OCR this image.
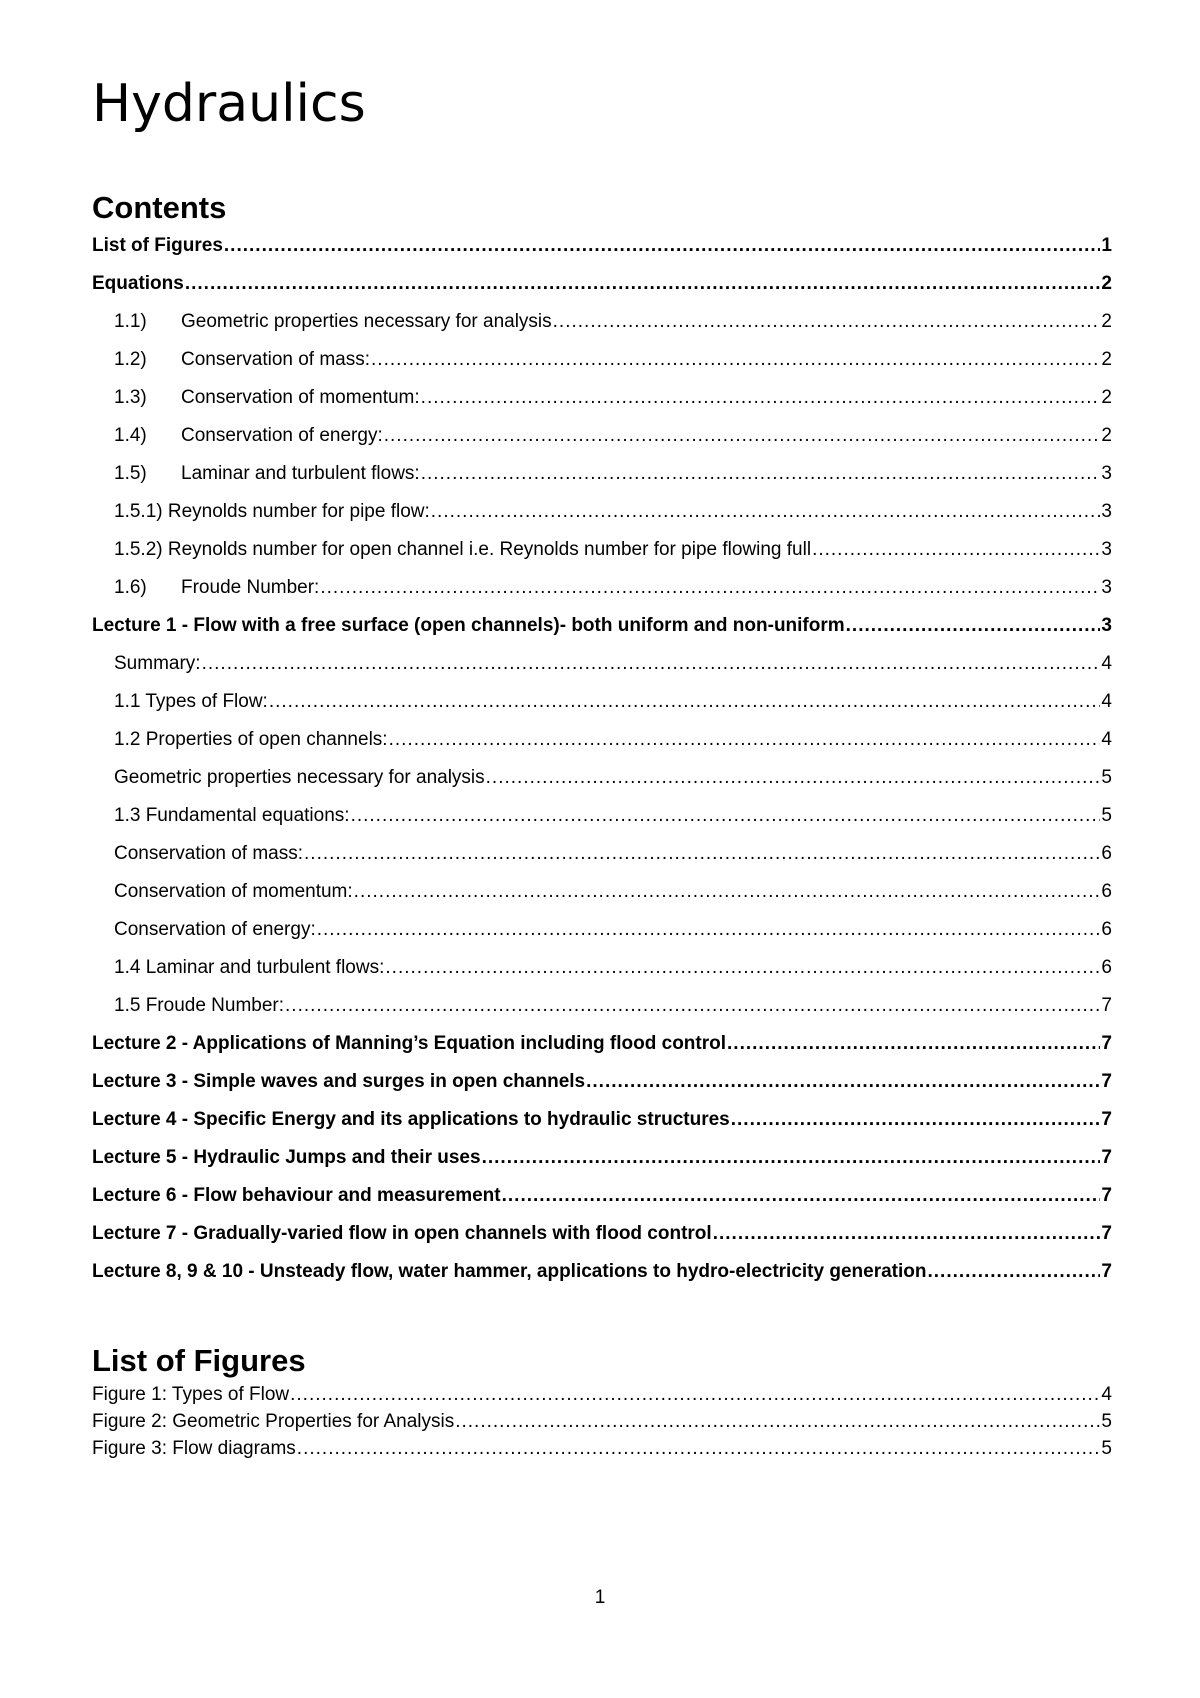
Hydraulics
Contents
List of Figures .....	1
Equations .....	2
1.1) Geometric properties necessary for analysis .....	2
1.2) Conservation of mass: .....	2
1.3) Conservation of momentum: .....	2
1.4) Conservation of energy: .....	2
1.5) Laminar and turbulent flows: .....	3
1.5.1) Reynolds number for pipe flow: .....	3
1.5.2) Reynolds number for open channel i.e. Reynolds number for pipe flowing full .....	3
1.6) Froude Number: .....	3
Lecture 1 - Flow with a free surface (open channels)- both uniform and non-uniform .....	3
Summary: .....	4
1.1 Types of Flow: .....	4
1.2 Properties of open channels: .....	4
Geometric properties necessary for analysis .....	5
1.3 Fundamental equations: .....	5
Conservation of mass: .....	6
Conservation of momentum: .....	6
Conservation of energy: .....	6
1.4 Laminar and turbulent flows: .....	6
1.5 Froude Number: .....	7
Lecture 2 - Applications of Manning’s Equation including flood control .....	7
Lecture 3 - Simple waves and surges in open channels .....	7
Lecture 4 - Specific Energy and its applications to hydraulic structures .....	7
Lecture 5 - Hydraulic Jumps and their uses .....	7
Lecture 6 - Flow behaviour and measurement .....	7
Lecture 7 - Gradually-varied flow in open channels with flood control .....	7
Lecture 8, 9 & 10 - Unsteady flow, water hammer, applications to hydro-electricity generation .....	7
List of Figures
Figure 1: Types of Flow .....	4
Figure 2: Geometric Properties for Analysis .....	5
Figure 3: Flow diagrams .....	5
1
